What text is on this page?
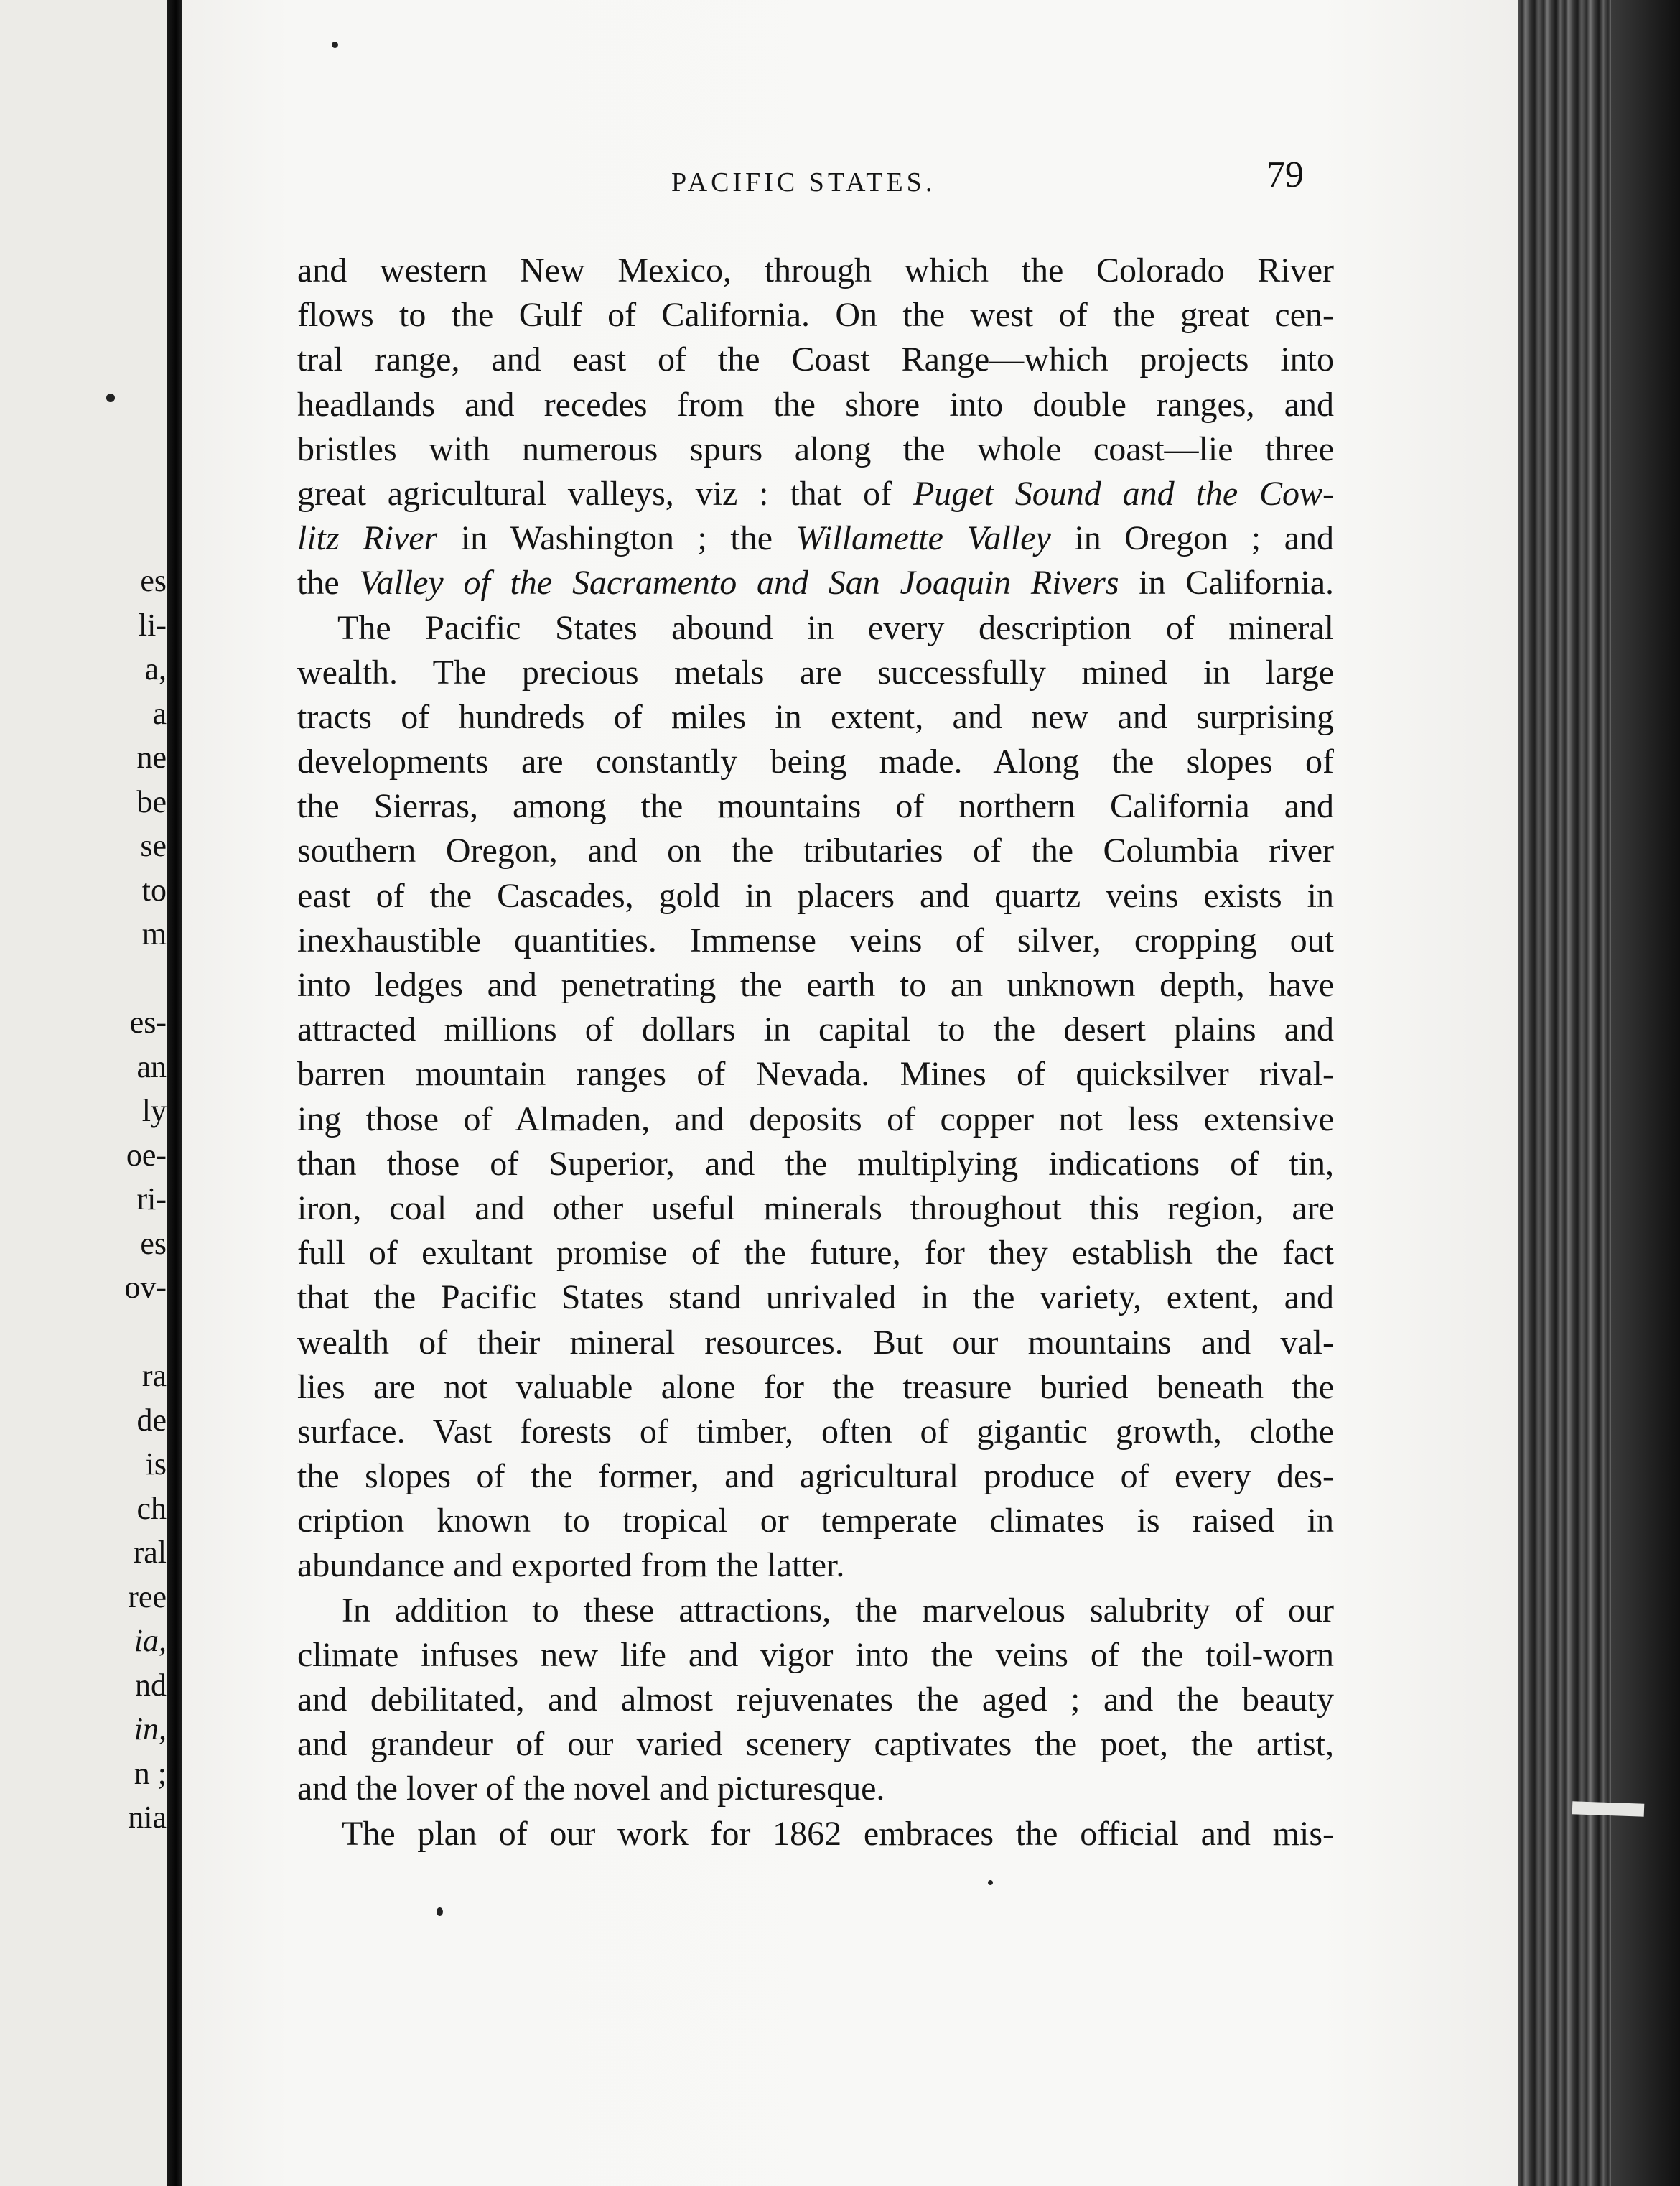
es
li-
a,
a
ne
be
se
to
m

es-
an
ly
oe-
ri-
es
ov-

ra
de
is
ch
ral
ree
ia,
nd
in,
n ;
nia
PACIFIC STATES.	79
and western New Mexico, through which the Colorado River
flows to the Gulf of California. On the west of the great cen-
tral range, and east of the Coast Range—which projects into
headlands and recedes from the shore into double ranges, and
bristles with numerous spurs along the whole coast—lie three
great agricultural valleys, viz : that of Puget Sound and the Cow-
litz River in Washington ; the Willamette Valley in Oregon ; and
the Valley of the Sacramento and San Joaquin Rivers in California.
The Pacific States abound in every description of mineral
wealth. The precious metals are successfully mined in large
tracts of hundreds of miles in extent, and new and surprising
developments are constantly being made. Along the slopes of
the Sierras, among the mountains of northern California and
southern Oregon, and on the tributaries of the Columbia river
east of the Cascades, gold in placers and quartz veins exists in
inexhaustible quantities. Immense veins of silver, cropping out
into ledges and penetrating the earth to an unknown depth, have
attracted millions of dollars in capital to the desert plains and
barren mountain ranges of Nevada. Mines of quicksilver rival-
ing those of Almaden, and deposits of copper not less extensive
than those of Superior, and the multiplying indications of tin,
iron, coal and other useful minerals throughout this region, are
full of exultant promise of the future, for they establish the fact
that the Pacific States stand unrivaled in the variety, extent, and
wealth of their mineral resources. But our mountains and val-
lies are not valuable alone for the treasure buried beneath the
surface. Vast forests of timber, often of gigantic growth, clothe
the slopes of the former, and agricultural produce of every des-
cription known to tropical or temperate climates is raised in
abundance and exported from the latter.
In addition to these attractions, the marvelous salubrity of our
climate infuses new life and vigor into the veins of the toil-worn
and debilitated, and almost rejuvenates the aged ; and the beauty
and grandeur of our varied scenery captivates the poet, the artist,
and the lover of the novel and picturesque.
The plan of our work for 1862 embraces the official and mis-
